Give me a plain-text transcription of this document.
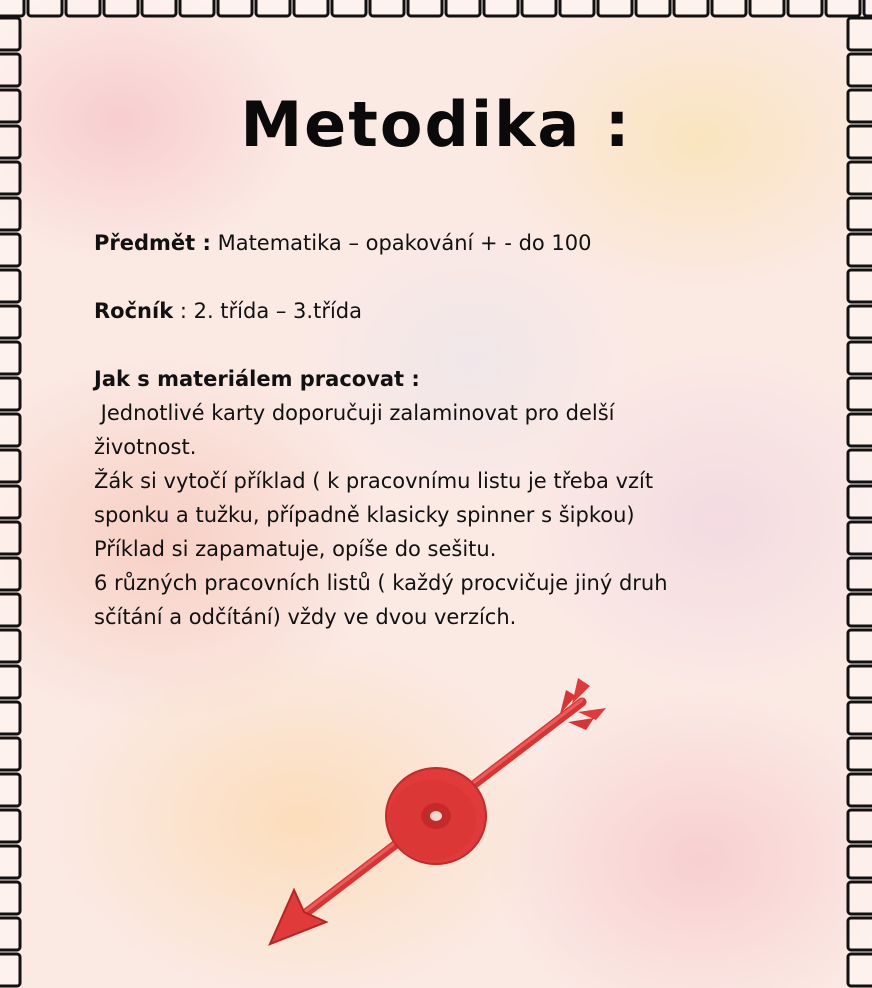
Metodika :
Předmět : Matematika – opakování + - do 100
Ročník : 2. třída – 3.třída
Jak s materiálem pracovat :
Jednotlivé karty doporučuji zalaminovat pro delší
životnost.
Žák si vytočí příklad ( k pracovnímu listu je třeba vzít
sponku a tužku, případně klasicky spinner s šipkou)
Příklad si zapamatuje, opíše do sešitu.
6 různých pracovních listů ( každý procvičuje jiný druh
sčítání a odčítání) vždy ve dvou verzích.
